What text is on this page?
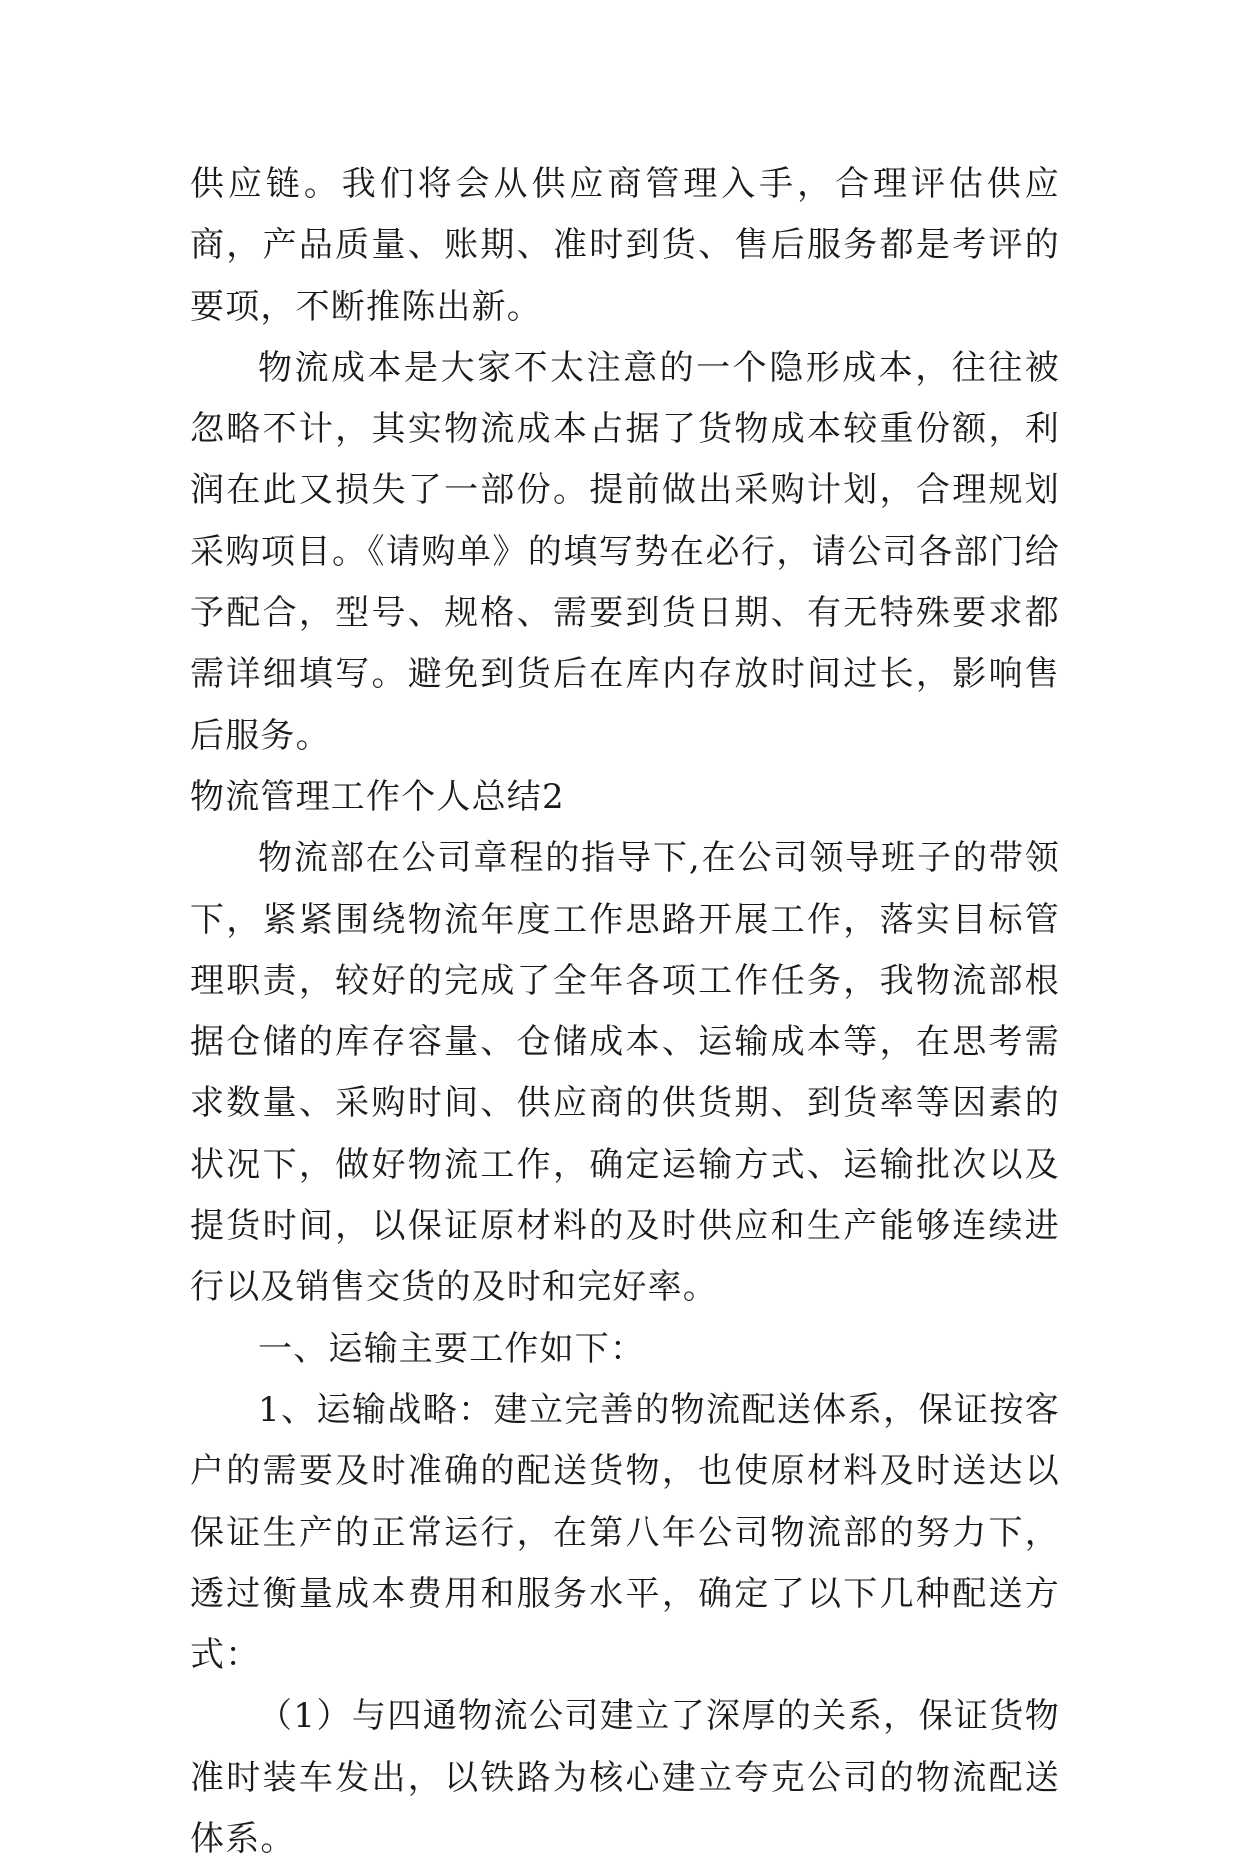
供应链。我们将会从供应商管理入手，合理评估供应商，产品质量、账期、准时到货、售后服务都是考评的要项，不断推陈出新。

物流成本是大家不太注意的一个隐形成本，往往被忽略不计，其实物流成本占据了货物成本较重份额，利润在此又损失了一部份。提前做出采购计划，合理规划采购项目。《请购单》的填写势在必行，请公司各部门给予配合，型号、规格、需要到货日期、有无特殊要求都需详细填写。避免到货后在库内存放时间过长，影响售后服务。

物流管理工作个人总结2

物流部在公司章程的指导下,在公司领导班子的带领下，紧紧围绕物流年度工作思路开展工作，落实目标管理职责，较好的完成了全年各项工作任务，我物流部根据仓储的库存容量、仓储成本、运输成本等，在思考需求数量、采购时间、供应商的供货期、到货率等因素的状况下，做好物流工作，确定运输方式、运输批次以及提货时间，以保证原材料的及时供应和生产能够连续进行以及销售交货的及时和完好率。

一、运输主要工作如下：

1、运输战略：建立完善的物流配送体系，保证按客户的需要及时准确的配送货物，也使原材料及时送达以保证生产的正常运行，在第八年公司物流部的努力下，透过衡量成本费用和服务水平，确定了以下几种配送方式：

（1）与四通物流公司建立了深厚的关系，保证货物准时装车发出，以铁路为核心建立夸克公司的物流配送体系。
